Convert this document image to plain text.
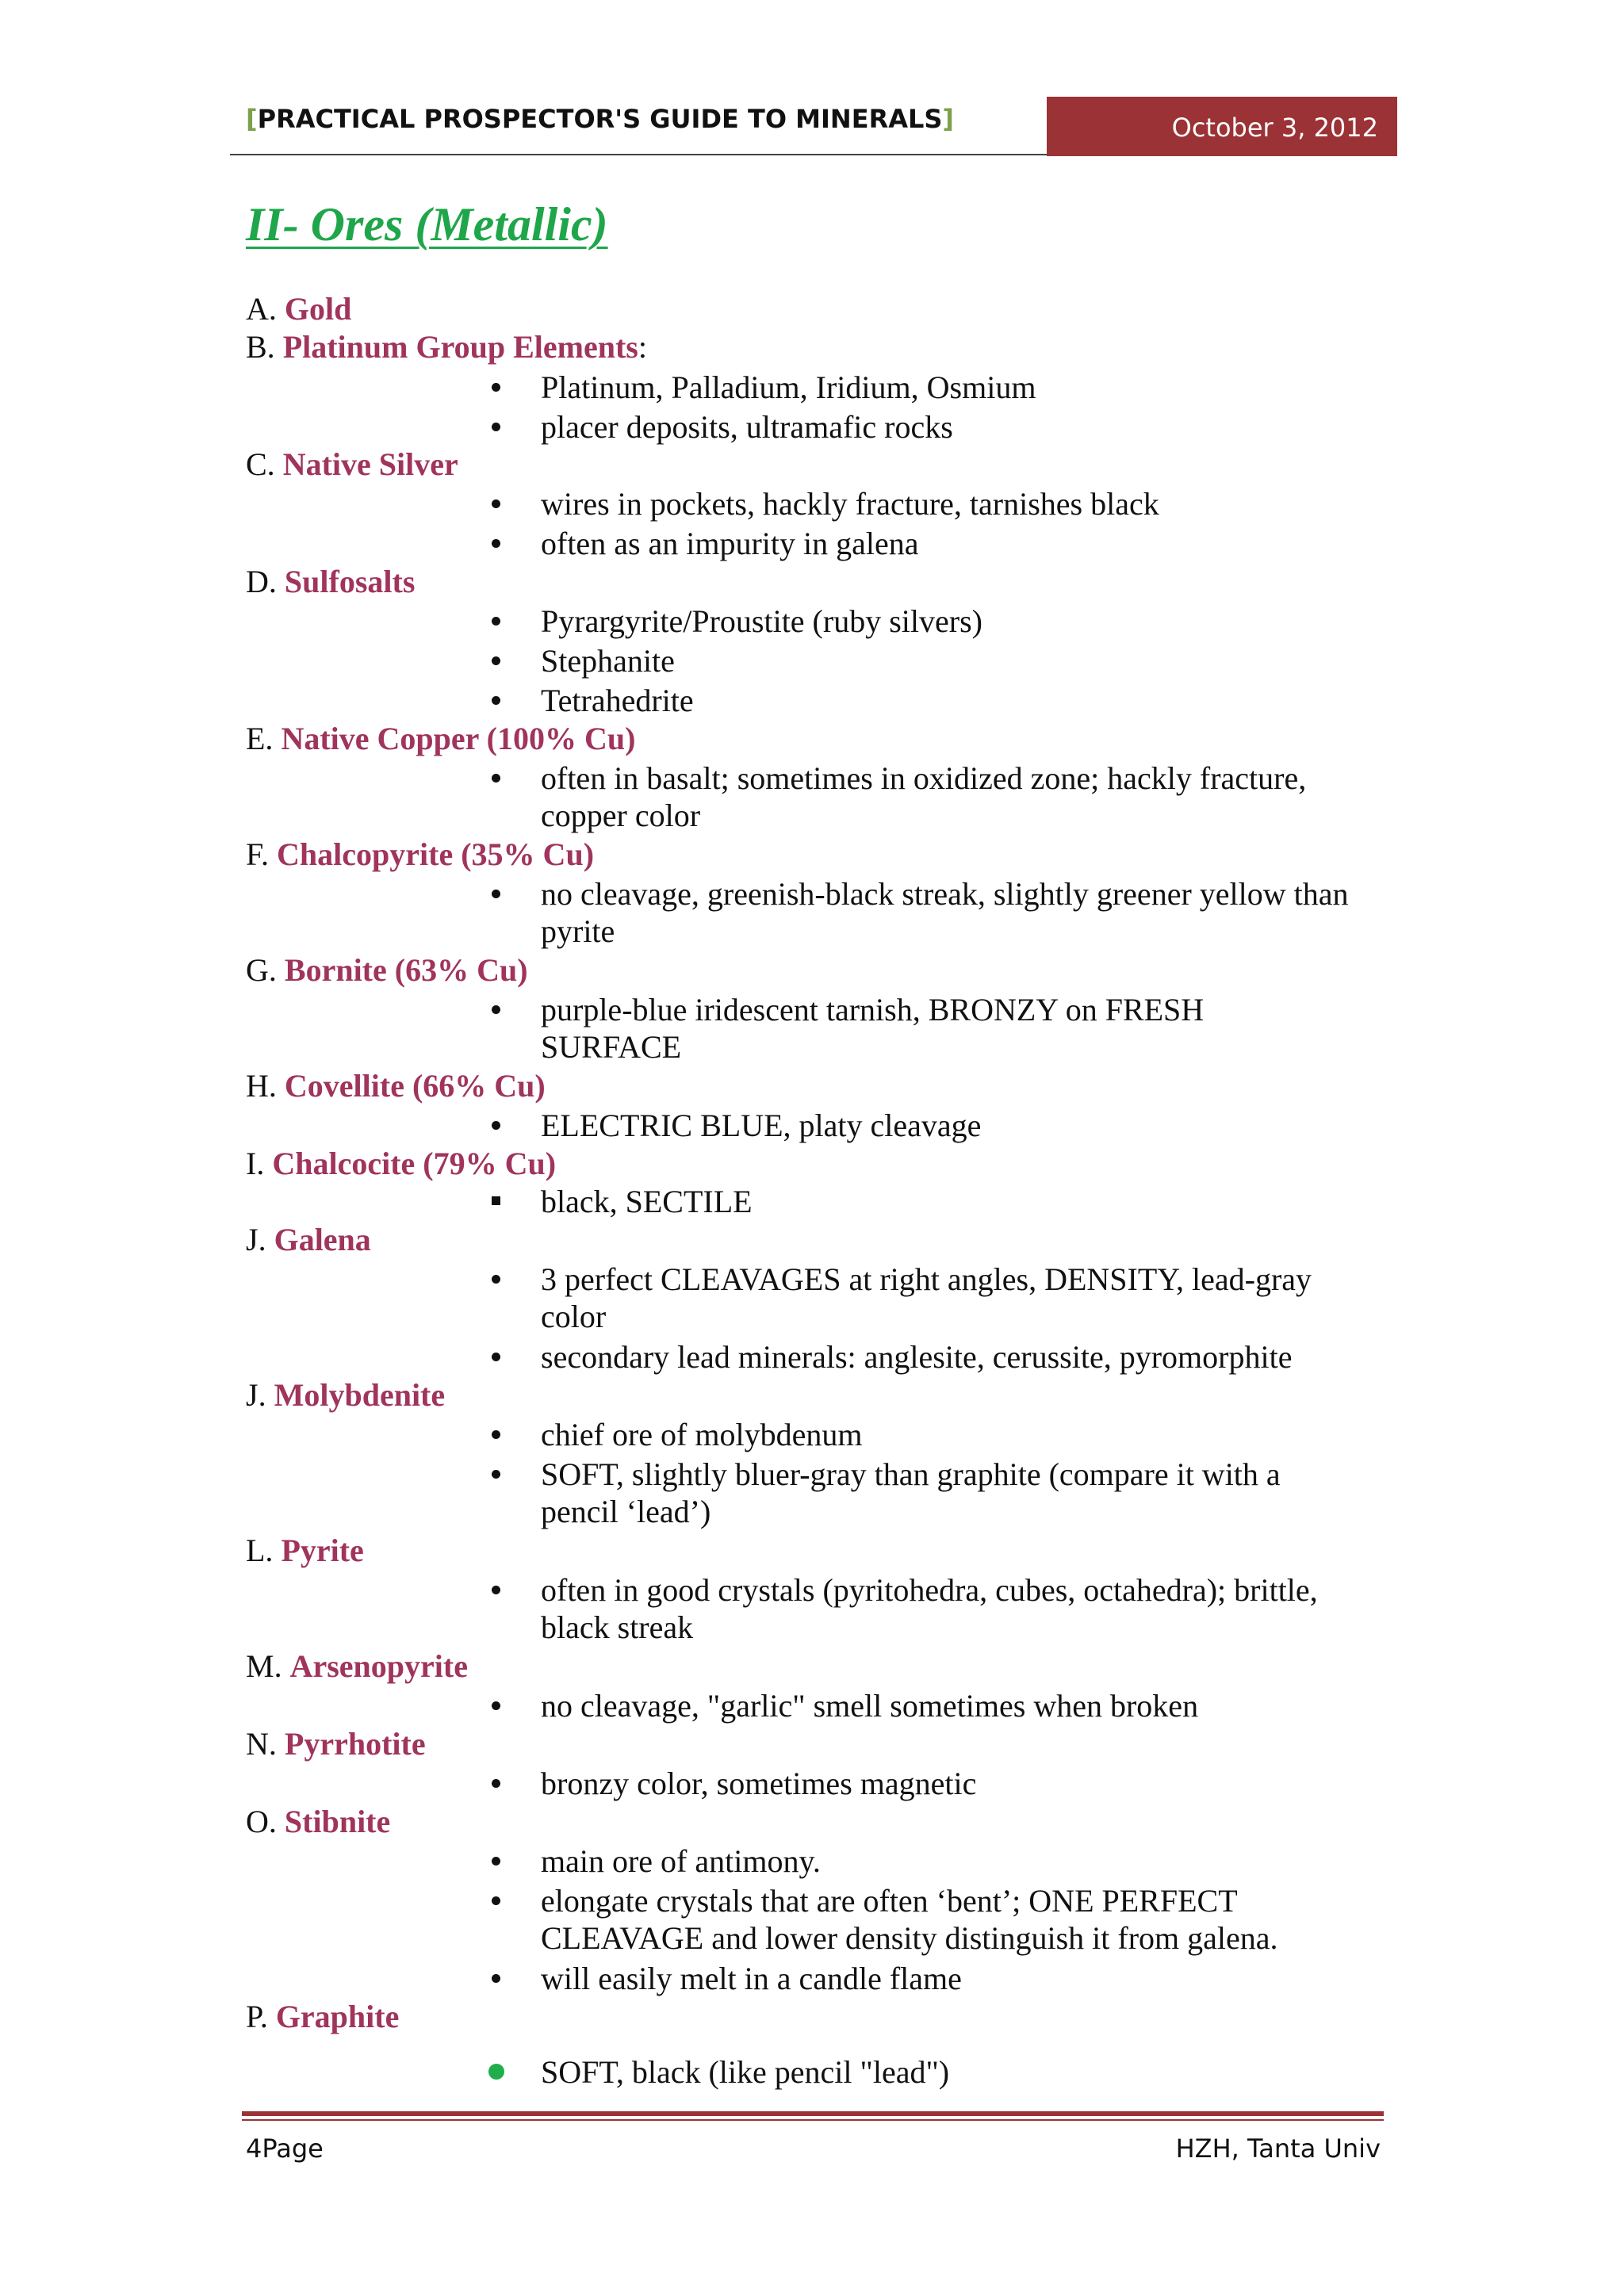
[PRACTICAL PROSPECTOR'S GUIDE TO MINERALS]	October 3, 2012
II- Ores (Metallic)
A. Gold
B. Platinum Group Elements:
Platinum, Palladium, Iridium, Osmium
placer deposits, ultramafic rocks
C. Native Silver
wires in pockets, hackly fracture, tarnishes black
often as an impurity in galena
D. Sulfosalts
Pyrargyrite/Proustite (ruby silvers)
Stephanite
Tetrahedrite
E. Native Copper (100% Cu)
often in basalt; sometimes in oxidized zone; hackly fracture,
copper color
F. Chalcopyrite (35% Cu)
no cleavage, greenish-black streak, slightly greener yellow than
pyrite
G. Bornite (63% Cu)
purple-blue iridescent tarnish, BRONZY on FRESH
SURFACE
H. Covellite (66% Cu)
ELECTRIC BLUE, platy cleavage
I. Chalcocite (79% Cu)
black, SECTILE
J. Galena
3 perfect CLEAVAGES at right angles, DENSITY, lead-gray
color
secondary lead minerals: anglesite, cerussite, pyromorphite
J. Molybdenite
chief ore of molybdenum
SOFT, slightly bluer-gray than graphite (compare it with a
pencil ‘lead’)
L. Pyrite
often in good crystals (pyritohedra, cubes, octahedra); brittle,
black streak
M. Arsenopyrite
no cleavage, "garlic" smell sometimes when broken
N. Pyrrhotite
bronzy color, sometimes magnetic
O. Stibnite
main ore of antimony.
elongate crystals that are often ‘bent’; ONE PERFECT
CLEAVAGE and lower density distinguish it from galena.
will easily melt in a candle flame
P. Graphite
SOFT, black (like pencil "lead")
4Page	HZH, Tanta Univ
